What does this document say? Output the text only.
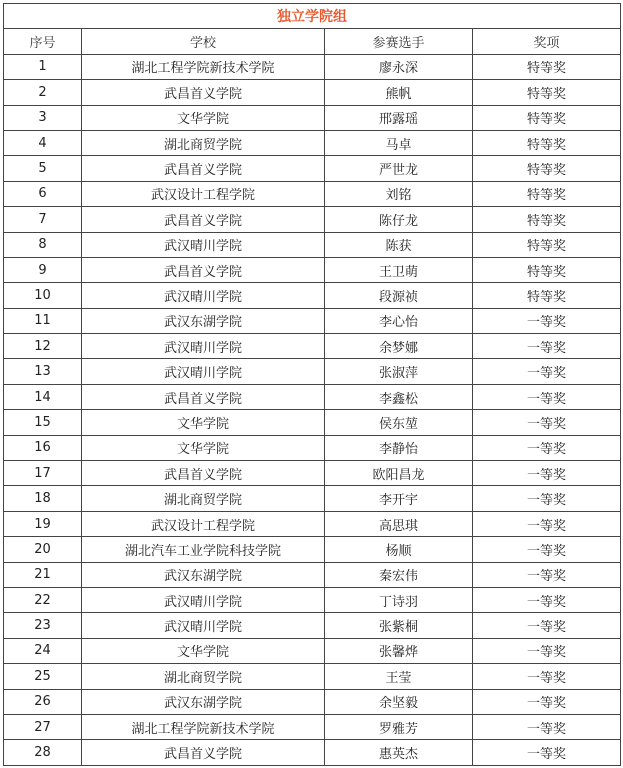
独立学院组			
序号	学校	参赛选手	奖项
1	湖北工程学院新技术学院	廖永深	特等奖
2	武昌首义学院	熊帆	特等奖
3	文华学院	邢露瑶	特等奖
4	湖北商贸学院	马卓	特等奖
5	武昌首义学院	严世龙	特等奖
6	武汉设计工程学院	刘铭	特等奖
7	武昌首义学院	陈仔龙	特等奖
8	武汉晴川学院	陈获	特等奖
9	武昌首义学院	王卫萌	特等奖
10	武汉晴川学院	段源祯	特等奖
11	武汉东湖学院	李心怡	一等奖
12	武汉晴川学院	余梦娜	一等奖
13	武汉晴川学院	张淑萍	一等奖
14	武昌首义学院	李鑫松	一等奖
15	文华学院	侯东堃	一等奖
16	文华学院	李静怡	一等奖
17	武昌首义学院	欧阳昌龙	一等奖
18	湖北商贸学院	李开宇	一等奖
19	武汉设计工程学院	高思琪	一等奖
20	湖北汽车工业学院科技学院	杨顺	一等奖
21	武汉东湖学院	秦宏伟	一等奖
22	武汉晴川学院	丁诗羽	一等奖
23	武汉晴川学院	张紫桐	一等奖
24	文华学院	张馨烨	一等奖
25	湖北商贸学院	王莹	一等奖
26	武汉东湖学院	余坚毅	一等奖
27	湖北工程学院新技术学院	罗雅芳	一等奖
28	武昌首义学院	惠英杰	一等奖
